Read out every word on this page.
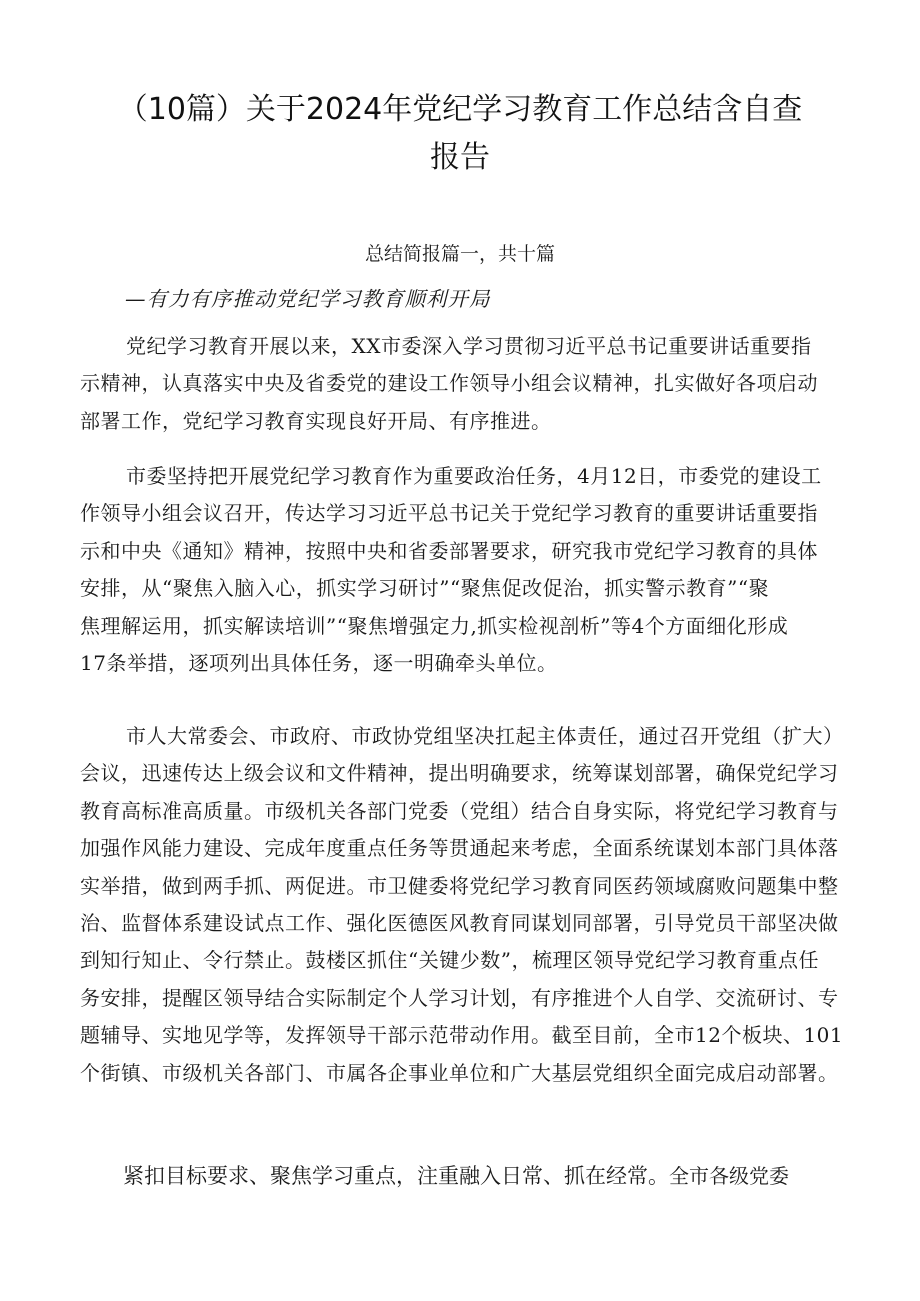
（10篇）关于2024年党纪学习教育工作总结含自查
报告
总结简报篇一，共十篇
—有力有序推动党纪学习教育顺利开局
党纪学习教育开展以来，XX市委深入学习贯彻习近平总书记重要讲话重要指
示精神，认真落实中央及省委党的建设工作领导小组会议精神，扎实做好各项启动
部署工作，党纪学习教育实现良好开局、有序推进。
市委坚持把开展党纪学习教育作为重要政治任务，4月12日，市委党的建设工
作领导小组会议召开，传达学习习近平总书记关于党纪学习教育的重要讲话重要指
示和中央《通知》精神，按照中央和省委部署要求，研究我市党纪学习教育的具体
安排，从“聚焦入脑入心，抓实学习研讨”“聚焦促改促治，抓实警示教育”“聚
焦理解运用，抓实解读培训”“聚焦增强定力,抓实检视剖析”等4个方面细化形成
17条举措，逐项列出具体任务，逐一明确牵头单位。
市人大常委会、市政府、市政协党组坚决扛起主体责任，通过召开党组（扩大）
会议，迅速传达上级会议和文件精神，提出明确要求，统筹谋划部署，确保党纪学习
教育高标准高质量。市级机关各部门党委（党组）结合自身实际，将党纪学习教育与
加强作风能力建设、完成年度重点任务等贯通起来考虑，全面系统谋划本部门具体落
实举措，做到两手抓、两促进。市卫健委将党纪学习教育同医药领域腐败问题集中整
治、监督体系建设试点工作、强化医德医风教育同谋划同部署，引导党员干部坚决做
到知行知止、令行禁止。鼓楼区抓住“关键少数”，梳理区领导党纪学习教育重点任
务安排，提醒区领导结合实际制定个人学习计划，有序推进个人自学、交流研讨、专
题辅导、实地见学等，发挥领导干部示范带动作用。截至目前，全市12个板块、101
个街镇、市级机关各部门、市属各企事业单位和广大基层党组织全面完成启动部署。
紧扣目标要求、聚焦学习重点，注重融入日常、抓在经常。全市各级党委
